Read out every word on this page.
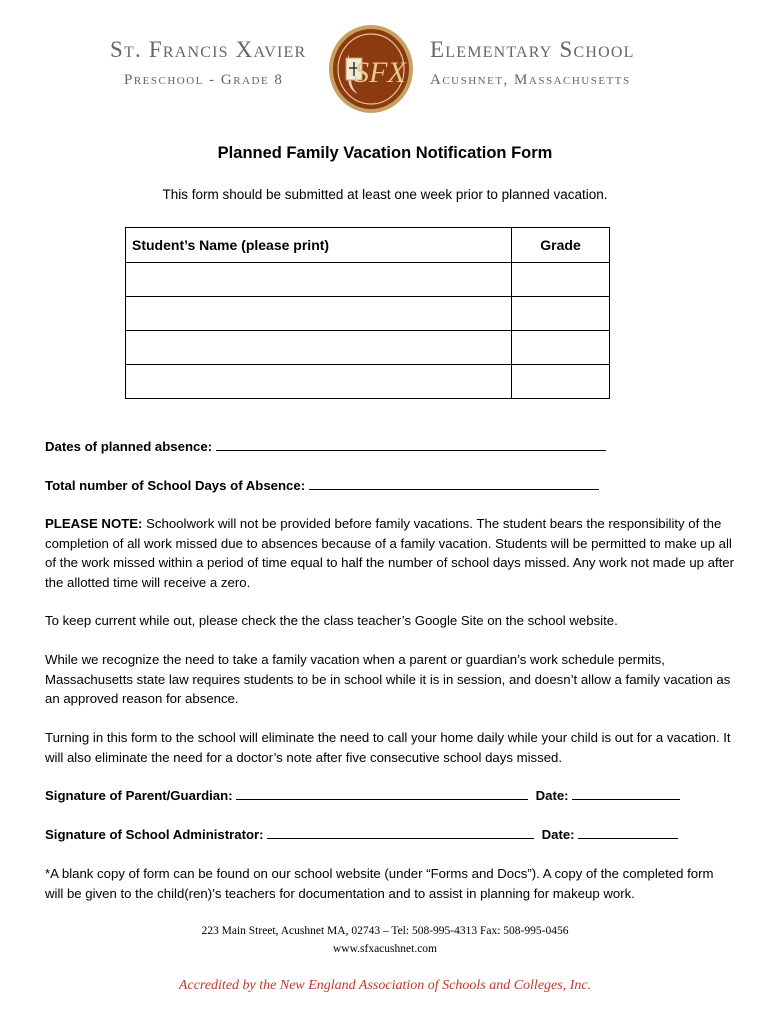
St. Francis Xavier	Elementary School
Preschool - Grade 8	Acushnet, Massachusetts
SFX
Planned Family Vacation Notification Form
This form should be submitted at least one week prior to planned vacation.
Student’s Name (please print)	Grade

Dates of planned absence:
Total number of School Days of Absence:
PLEASE NOTE: Schoolwork will not be provided before family vacations. The student bears the responsibility of the completion of all work missed due to absences because of a family vacation. Students will be permitted to make up all of the work missed within a period of time equal to half the number of school days missed. Any work not made up after the allotted time will receive a zero.
To keep current while out, please check the the class teacher’s Google Site on the school website.
While we recognize the need to take a family vacation when a parent or guardian’s work schedule permits, Massachusetts state law requires students to be in school while it is in session, and doesn’t allow a family vacation as an approved reason for absence.
Turning in this form to the school will eliminate the need to call your home daily while your child is out for a vacation. It will also eliminate the need for a doctor’s note after five consecutive school days missed.
Signature of Parent/Guardian:	Date:
Signature of School Administrator:	Date:
*A blank copy of form can be found on our school website (under “Forms and Docs”). A copy of the completed form will be given to the child(ren)’s teachers for documentation and to assist in planning for makeup work.
223 Main Street, Acushnet MA, 02743 – Tel: 508-995-4313 Fax: 508-995-0456
www.sfxacushnet.com
Accredited by the New England Association of Schools and Colleges, Inc.
